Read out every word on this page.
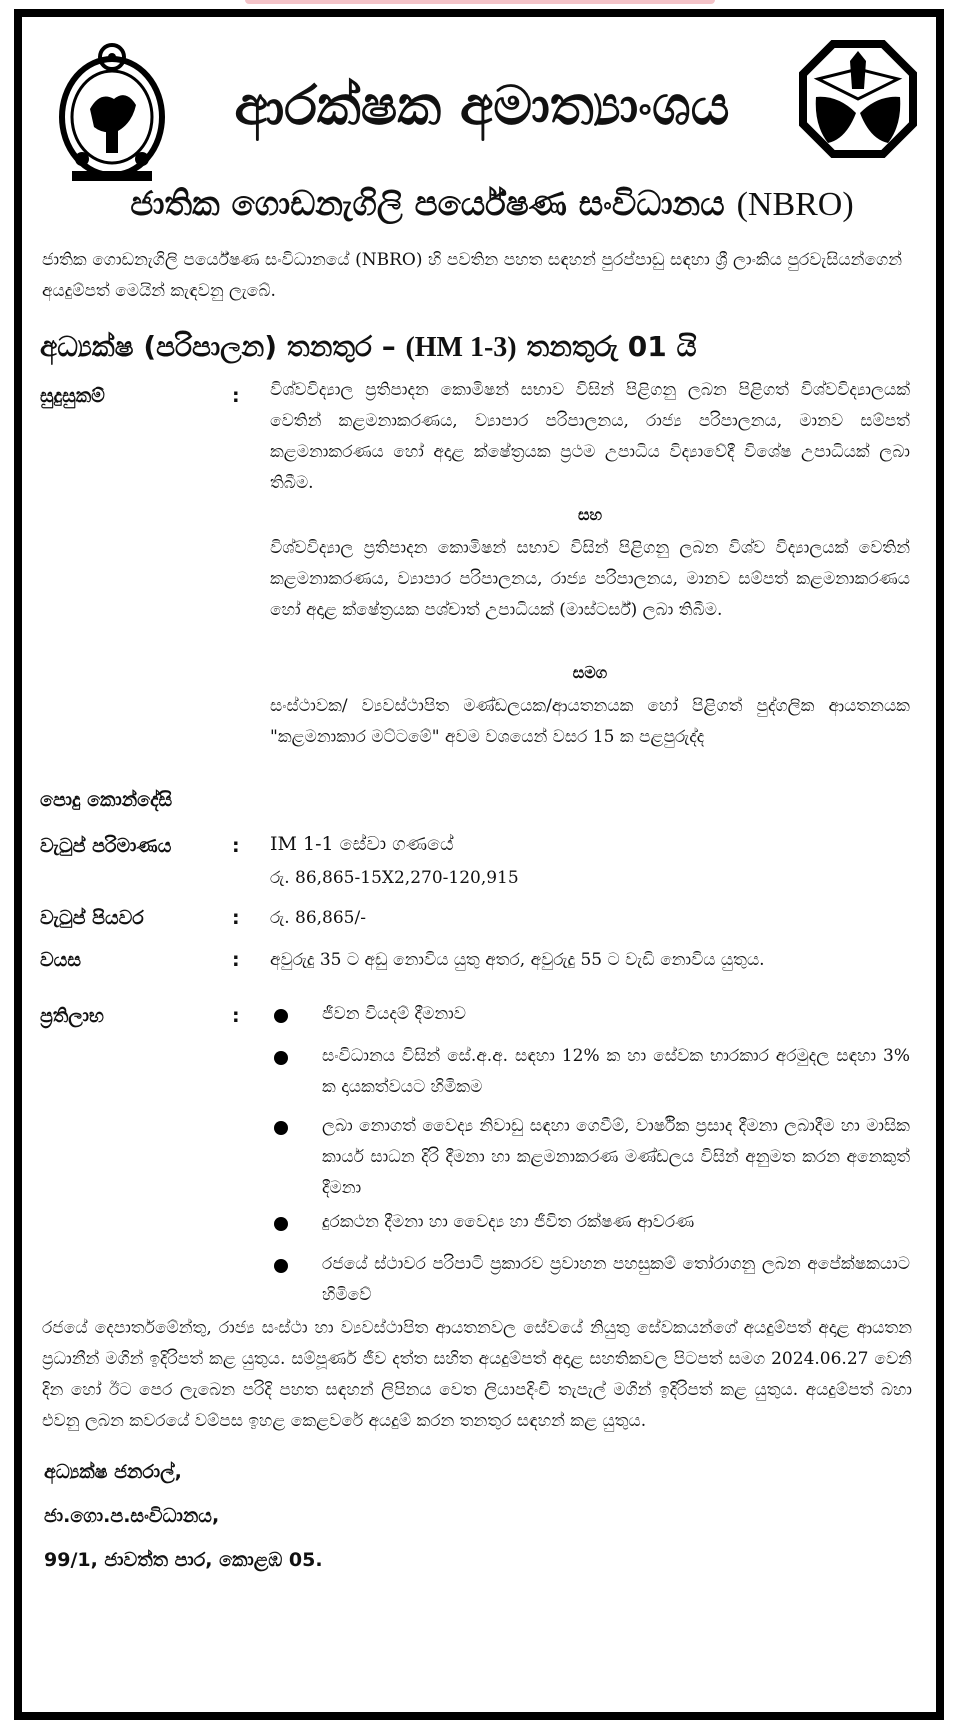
ආරක්ෂක අමාත්‍යාංශය
ජාතික ගොඩනැගිලි පර්යේෂණ සංවිධානය (NBRO)
ජාතික ගොඩනැගිලි පර්යේෂණ සංවිධානයේ (NBRO) හි පවතින පහත සඳහන් පුරප්පාඩු සඳහා ශ්‍රී ලාංකිය පුරවැසියන්ගෙන් අයදුම්පත් මෙයින් කැඳවනු ලැබේ.
අධ්‍යක්ෂ (පරිපාලන) තනතුර – (HM 1-3) තනතුරු 01 යි
සුදුසුකම්	: විශ්වවිද්‍යාල ප්‍රතිපාදන කොමිෂන් සභාව විසින් පිළිගනු ලබන පිළිගත් විශ්වවිද්‍යාලයක් වෙතින් කළමනාකරණය, ව්‍යාපාර පරිපාලනය, රාජ්‍ය පරිපාලනය, මානව සම්පත් කළමනාකරණය හෝ අදාළ ක්ෂේත්‍රයක ප්‍රථම උපාධිය විද්‍යාවේදී විශේෂ උපාධියක් ලබා තිබීම.
සහ
විශ්වවිද්‍යාල ප්‍රතිපාදන කොමිෂන් සභාව විසින් පිළිගනු ලබන විශ්ව විද්‍යාලයක් වෙතින් කළමනාකරණය, ව්‍යාපාර පරිපාලනය, රාජ්‍ය පරිපාලනය, මානව සම්පත් කළමනාකරණය හෝ අදාළ ක්ෂේත්‍රයක පශ්චාත් උපාධියක් (මාස්ටර්ස්) ලබා තිබීම.
සමග
සංස්ථාවක/ ව්‍යවස්ථාපිත මණ්ඩලයක/ආයතනයක හෝ පිළිගත් පුද්ගලික ආයතනයක "කළමනාකාර මට්ටමේ" අවම වශයෙන් වසර 15 ක පළපුරුද්ද
පොදු කොන්දේසි
වැටුප් පරිමාණය	: IM 1-1 සේවා ගණයේ
රු. 86,865-15X2,270-120,915
වැටුප් පියවර	: රු. 86,865/-
වයස	: අවුරුදු 35 ට අඩු නොවිය යුතු අතර, අවුරුදු 55 ට වැඩි නොවිය යුතුය.
ප්‍රතිලාභ	:	ජීවන වියදම් දීමනාව
සංවිධානය විසින් සේ.අ.අ. සඳහා 12% ක හා සේවක භාරකාර අරමුදල සඳහා 3% ක දායකත්වයට හිමිකම
ලබා නොගත් වෛද්‍ය නිවාඩු සඳහා ගෙවීම්, වාර්ෂික ප්‍රසාද දීමනා ලබාදීම හා මාසික කාර්ය සාධන දිරි දීමනා හා කළමනාකරණ මණ්ඩලය විසින් අනුමත කරන අනෙකුත් දීමනා
දුරකථන දීමනා හා වෛද්‍ය හා ජීවිත රක්ෂණ ආවරණ
රජයේ ස්ථාවර පරිපාටි ප්‍රකාරව ප්‍රවාහන පහසුකම් තෝරාගනු ලබන අපේක්ෂකයාට හිමිවේ
රජයේ දෙපාර්තමේන්තු, රාජ්‍ය සංස්ථා හා ව්‍යවස්ථාපිත ආයතනවල සේවයේ නියුතු සේවකයන්ගේ අයදුම්පත් අදාළ ආයතන ප්‍රධානීන් මගින් ඉදිරිපත් කළ යුතුය. සම්පූර්ණ ජීව දත්ත සහිත අයදුම්පත් අදාළ සහතිකවල පිටපත් සමග 2024.06.27 වෙනි දින හෝ ඊට පෙර ලැබෙන පරිදි පහත සඳහන් ලිපිනය වෙත ලියාපදිංචි තැපැල් මගින් ඉදිරිපත් කළ යුතුය. අයදුම්පත් බහා එවනු ලබන කවරයේ වම්පස ඉහළ කෙළවරේ අයදුම් කරන තනතුර සඳහන් කළ යුතුය.
අධ්‍යක්ෂ ජනරාල්,
ජා.ගො.ප.සංවිධානය,
99/1, ජාවත්ත පාර, කොළඹ 05.
